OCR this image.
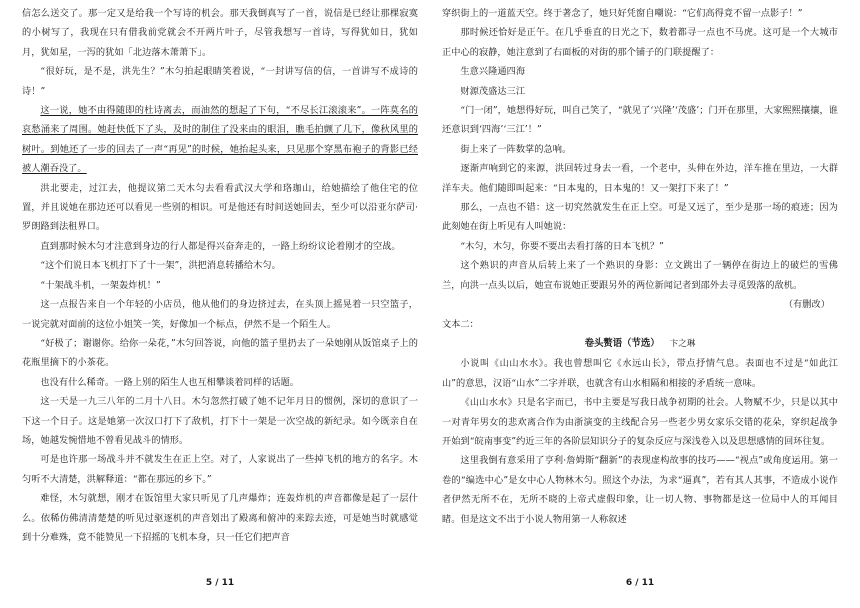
信怎么送交了。那一定又是给我一个写诗的机会。那天我倒真写了一首，说信是已经让那棵寂寞的小树写了，我现在只有借我前党就会不开两片叶子，尽管我想写一首诗，写得犹如日，犹如月，犹如星，一泻的犹如「北边落木萧萧下」。

“很好玩，是不是，洪先生？”木匀拍起眼睛笑着说，“一封讲写信的信，一首讲写不成诗的诗！”

这一说，她不由得随即的杜诗离去，而油然的想起了下句，“不尽长江滚滚来”。一阵莫名的哀愁涌来了周围。她赶快低下了头，及时的制住了没来由的眼泪，瞧毛拍颤了几下，像秋风里的树叶。到她还了一步的回去了一声“再见”的时候，她抬起头来，只见那个穿黑布袍子的背影已经被人潮吞没了。

洪北要走，过江去，他提议第二天木匀去看看武汉大学和珞珈山，给她描绘了他住宅的位置，并且说她在那边还可以看见一些别的相识。可是他还有时间送她回去，至少可以沿亚尔萨司·罗朗路到法租界口。

直到那时候木匀才注意到身边的行人都是得兴奋奔走的，一路上纷纷议论着刚才的空战。

“这个们说日本飞机打下了十一架”，洪把消息转播给木匀。

“十架战斗机，一架轰炸机！”

这一点报告来自一个年轻的小店员，他从他们的身边挤过去，在头顶上摇晃着一只空篮子，一说完就对面前的这位小姐笑一笑，好像加一个标点，伊然不是一个陌生人。

“好极了；谢谢你。给你一朵花，”木匀回答说，向他的篮子里扔去了一朵她刚从饭馆桌子上的花瓶里摘下的小茶花。

也没有什么稀奇。一路上别的陌生人也互相攀谈着同样的话题。

这一天是一九三八年的二月十八日。木匀忽然打破了她不记年月日的惯例，深切的意识了一下这一个日子。这是她第一次汉口打下了敌机，打下十一架是一次空战的新纪录。如今既亲自在场，她越发惋惜地不曾看见战斗的情形。

可是也许那一场战斗并不就发生在正上空。对了，人家说出了一些掉飞机的地方的名字。木匀听不大清楚，洪解释道：“都在那远的乡下。”

难怪，木匀就想，刚才在饭馆里大家只听见了几声爆炸；连轰炸机的声音都像是起了一层什么。依稀仿佛清清楚楚的听见过驱逐机的声音划出了殿离和俯冲的来踪去迹，可是她当时就感觉到十分难殊，竟不能赞见一下招摇的飞机本身，只一任它们把声音

5 / 11

穿织街上的一道蓝天空。终于著念了，她只好凭窗自嘲说：“它们高得竟不留一点影子！”

那时候还恰好是正午。在几乎垂直的日光之下，数着都寻一点也不马虎。这可是一个大城市正中心的寂静，她注意到了右面板的对街的那个铺子的门联提醒了：

生意兴隆通四海

财源茂盛达三江

“门一闭”，她想得好玩，叫自己笑了，“就见了‘兴隆’‘茂盛’；门开在那里，大家熙熙攘攘，谁还意识到‘四海’‘三江’！”

街上来了一阵数掌的急响。

逐渐声响到它的来源，洪回转过身去一看，一个老中，头伸在外边，洋车推在里边，一大群洋车夫。他们随即叫起来：“日本鬼的，日本鬼的！又一架打下来了！”

那么，一点也不错：这一切究然就发生在正上空。可是又远了，至少是那一场的痕迹；因为此刻她在街上听见有人叫她说：

“木匀，木匀，你要不要出去看打落的日本飞机？”

这个熟识的声音从后转上来了一个熟识的身影：立文跳出了一辆停在街边上的破烂的雪佛兰，向洪一点头以后，她宣布说她正要跟另外的两位新闻记者到邵外去寻觅毁落的敌机。

（有删改）

文本二：

卷头赘语（节选） 卞之琳

小说叫《山山水水》。我也曾想叫它《水远山长》，带点抒情气息。表面也不过是“如此江山”的意思，汉语“山水”二字并联，也就含有山水相隔和相接的矛盾统一意味。

《山山水水》只是名字而已，书中主要是写我日战争初期的社会。人物赋不少，只是以其中一对青年男女的悲欢离合作为由浙演变的主线配合另一些老少男女家乐交错的花朵，穿织起战争开始到“皖南事变”约近三年的各阶层知识分子的复杂反应与深浅卷入以及思想感情的回环往复。

这里我倒有意采用了亨利·詹姆斯“翻新”的表现虚构故事的技巧——“视点”或角度运用。第一卷的“编选中心”是女中心人物林木匀。照这个办法，为求“逼真”，若有其人其事，不造成小说作者伊然无所不在，无所不晓的上帝式虚假印象，让一切人物、事物都是这一位局中人的耳闻目睹。但是这文不出于小说人物用第一人称叙述

6 / 11
